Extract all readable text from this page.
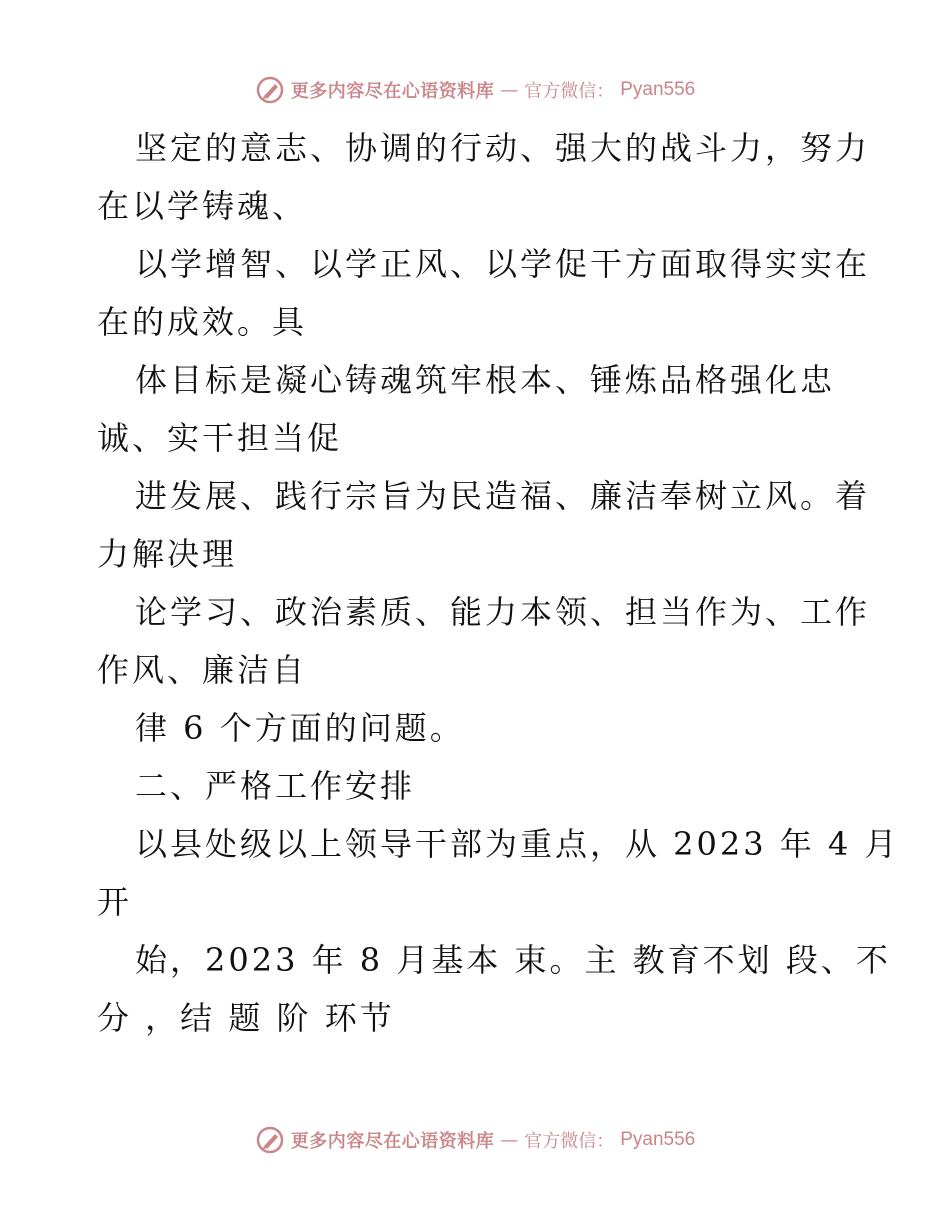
更多内容尽在心语资料库 — 官方微信： Pyan556
坚定的意志、协调的行动、强大的战斗力，努力
在以学铸魂、
以学增智、以学正风、以学促干方面取得实实在
在的成效。具
体目标是凝心铸魂筑牢根本、锤炼品格强化忠
诚、实干担当促
进发展、践行宗旨为民造福、廉洁奉树立风。着
力解决理
论学习、政治素质、能力本领、担当作为、工作
作风、廉洁自
律 6 个方面的问题。
二、严格工作安排
以县处级以上领导干部为重点，从 2023 年 4 月
开
始，2023 年 8 月基本 束。主 教育不划 段、不
分 ，结 题 阶 环节
更多内容尽在心语资料库 — 官方微信： Pyan556
